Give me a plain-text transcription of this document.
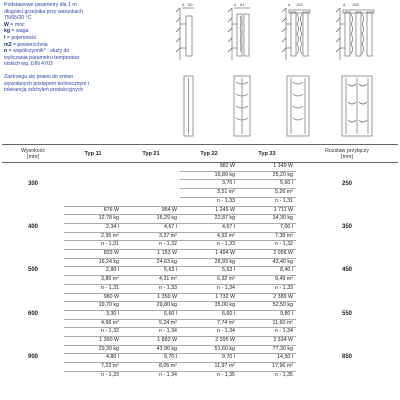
Podstawowe parametry dla 1 m
długości grzejnika przy warunkach
75/65/20 °C
W = moc
kg = waga
l = pojemność
m2 = powierzchnia
n = współczynnik* - służy do
wyliczania parametru temperatur
niskich wg. DIN 4703
Zastrzega się prawo do zmian
wywołanych postępem technicznym i
tolerancją odchyleń produkcyjnych
d 50	d 61	d 102	d 155
Wysokość
[mm]	Typ 11	Typ 21	Typ 22	Typ 33	Rozstaw przyłączy
[mm]
300			982 W	1 349 W	250
			16,80 kg	25,20 kg	
			3,70 l	5,60 l	
			3,51 m²	5,26 m²	
			n - 1,33	n - 1,31	
400	676 W	954 W	1 245 W	1 711 W	350
	12,78 kg	16,29 kg	22,87 kg	34,30 kg	
	2,34 l	4,67 l	4,67 l	7,00 l	
	2,95 m²	3,37 m²	4,92 m²	7,38 m²	
	n - 1,31	n - 1,32	n - 1,33	n - 1,32	
500	833 W	1 153 W	1 494 W	2 056 W	450
	16,24 kg	24,63 kg	28,93 kg	43,40 kg	
	2,80 l	5,63 l	5,63 l	8,40 l	
	3,80 m²	4,31 m²	6,32 m²	9,49 m²	
	n - 1,31	n - 1,33	n - 1,34	n - 1,33	
600	980 W	1 350 W	1 732 W	2 389 W	550
	19,70 kg	29,80 kg	35,00 kg	52,50 kg	
	3,30 l	6,60 l	6,60 l	9,80 l	
	4,66 m²	5,24 m²	7,74 m²	11,60 m²	
	n - 1,32	n - 1,34	n - 1,34	n - 1,34	
900	1 360 W	1 883 W	2 395 W	3 334 W	850
	29,30 kg	43,90 kg	51,60 kg	77,30 kg	
	4,80 l	9,70 l	9,70 l	14,50 l	
	7,22 m²	8,05 m²	11,97 m²	17,96 m²	
	n - 1,33	n - 1,34	n - 1,35	n - 1,35	
